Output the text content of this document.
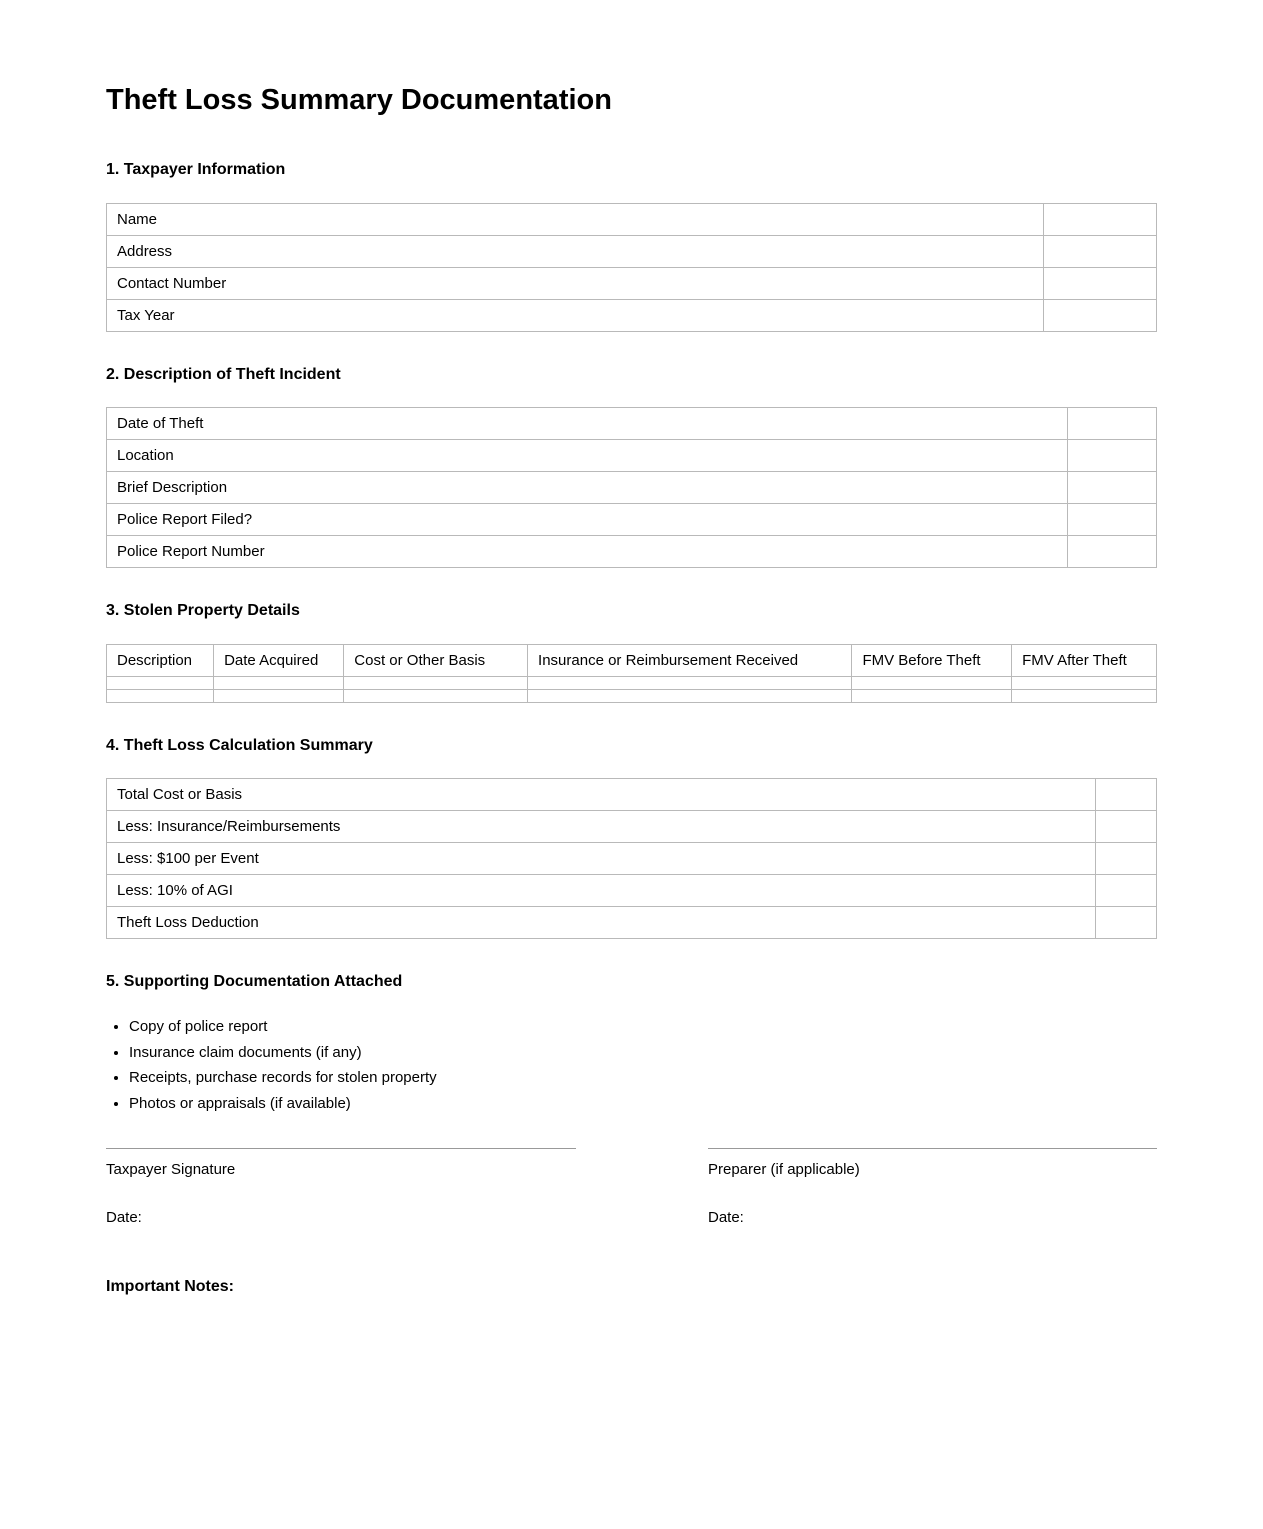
Theft Loss Summary Documentation
1. Taxpayer Information
Name	
Address	
Contact Number	
Tax Year	
2. Description of Theft Incident
Date of Theft	
Location	
Brief Description	
Police Report Filed?	
Police Report Number	
3. Stolen Property Details
Description	Date Acquired	Cost or Other Basis	Insurance or Reimbursement Received	FMV Before Theft	FMV After Theft

4. Theft Loss Calculation Summary
Total Cost or Basis	
Less: Insurance/Reimbursements	
Less: $100 per Event	
Less: 10% of AGI	
Theft Loss Deduction	
5. Supporting Documentation Attached
• Copy of police report
• Insurance claim documents (if any)
• Receipts, purchase records for stolen property
• Photos or appraisals (if available)
Taxpayer Signature
Date:
Preparer (if applicable)
Date:
Important Notes:
